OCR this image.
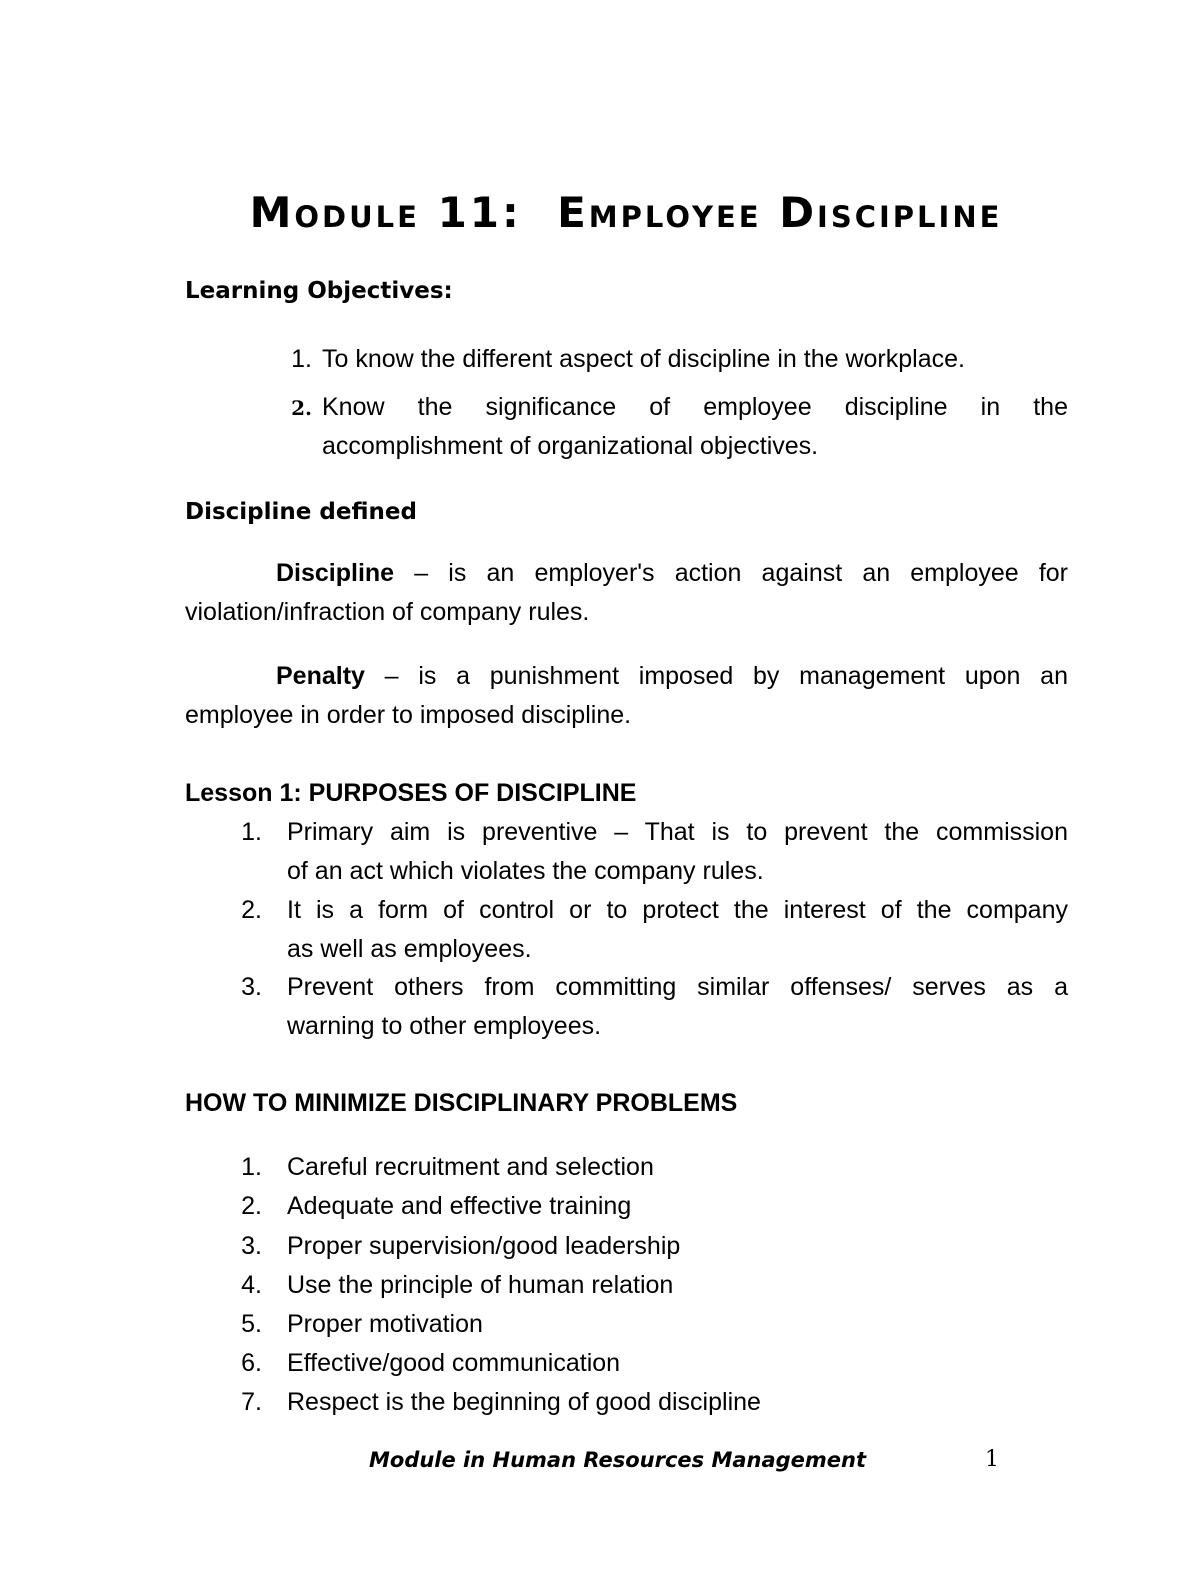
Module 11: Employee Discipline
Learning Objectives:
1. To know the different aspect of discipline in the workplace.
2. Know the significance of employee discipline in the
accomplishment of organizational objectives.
Discipline defined
Discipline – is an employer's action against an employee for
violation/infraction of company rules.
Penalty – is a punishment imposed by management upon an
employee in order to imposed discipline.
Lesson 1: PURPOSES OF DISCIPLINE
1. Primary aim is preventive – That is to prevent the commission
of an act which violates the company rules.
2. It is a form of control or to protect the interest of the company
as well as employees.
3. Prevent others from committing similar offenses/ serves as a
warning to other employees.
HOW TO MINIMIZE DISCIPLINARY PROBLEMS
1. Careful recruitment and selection
2. Adequate and effective training
3. Proper supervision/good leadership
4. Use the principle of human relation
5. Proper motivation
6. Effective/good communication
7. Respect is the beginning of good discipline
Module in Human Resources Management	1
